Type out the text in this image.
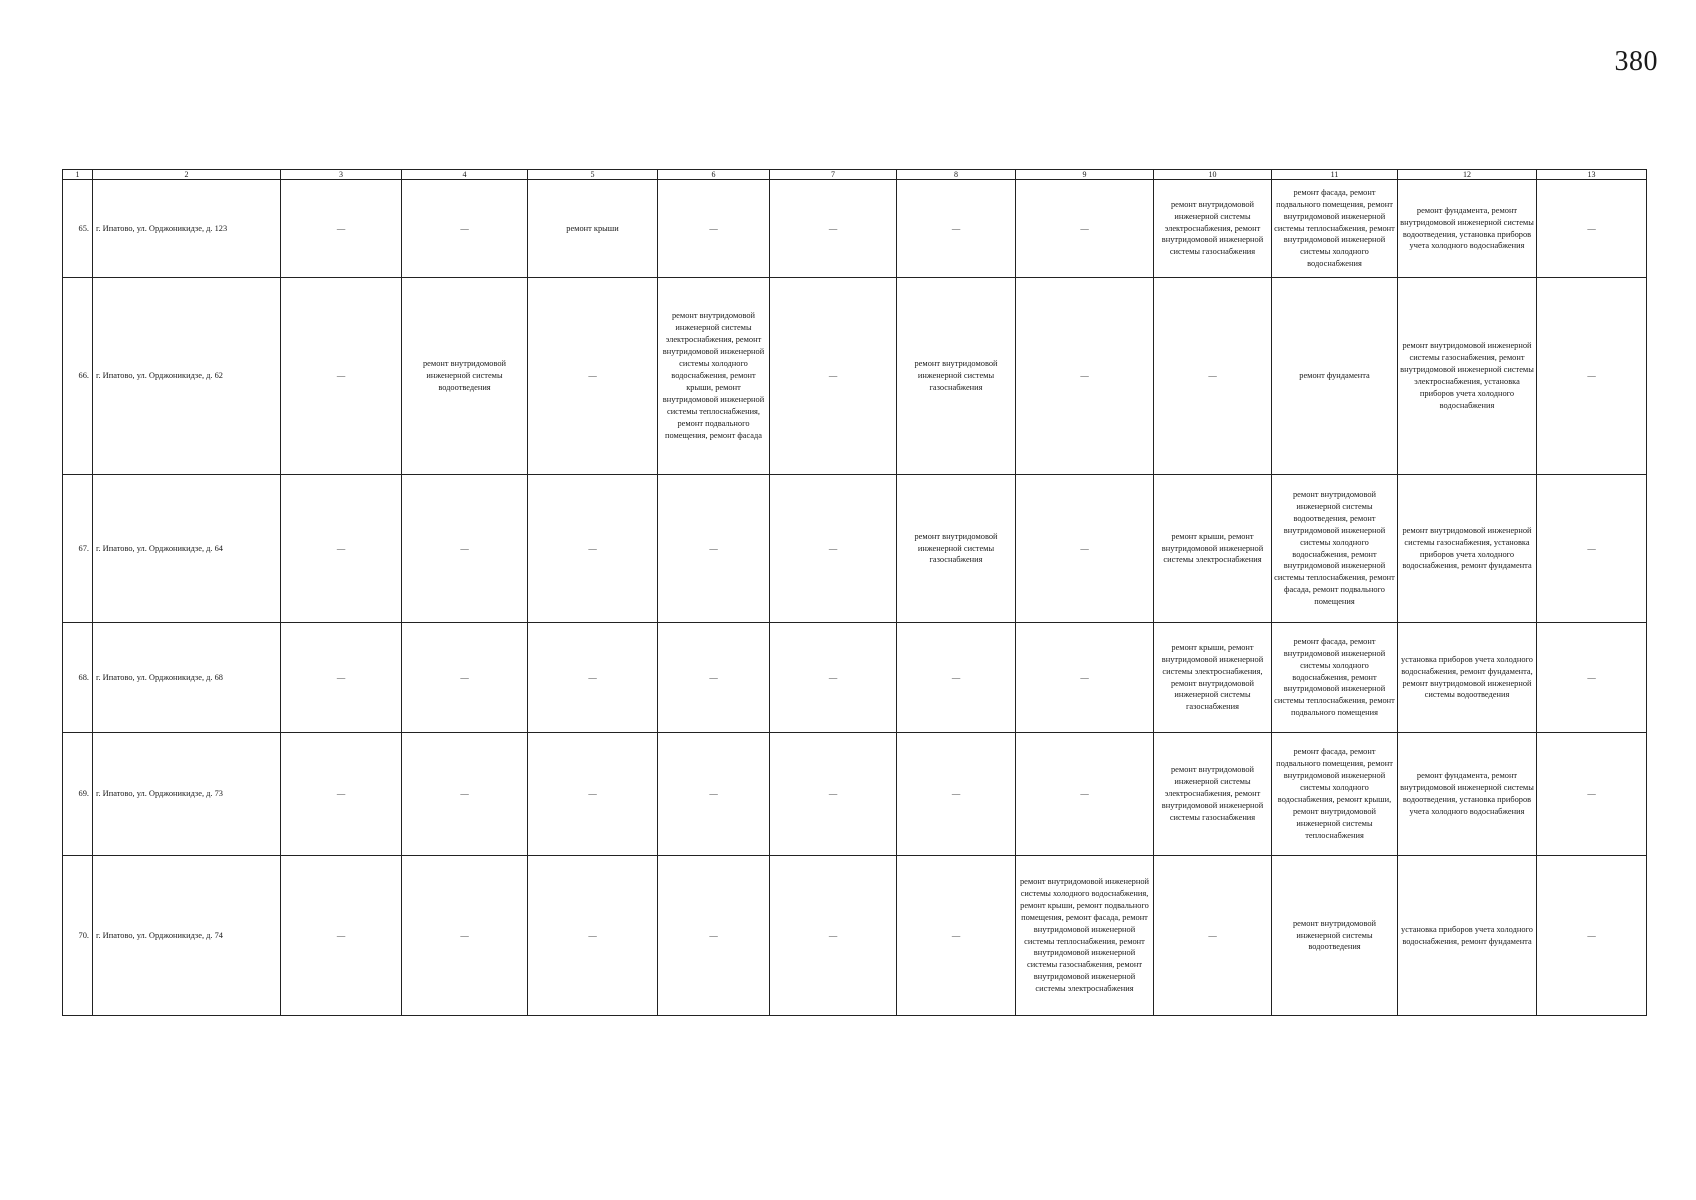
380
1	2	3	4	5	6	7	8	9	10	11	12	13
65.	г. Ипатово, ул. Орджоникидзе, д. 123	—	—	ремонт крыши	—	—	—	—	ремонт внутридомовой инженерной системы электроснабжения, ремонт внутридомовой инженерной системы газоснабжения	ремонт фасада, ремонт подвального помещения, ремонт внутридомовой инженерной системы теплоснабжения, ремонт внутридомовой инженерной системы холодного водоснабжения	ремонт фундамента, ремонт внутридомовой инженерной системы водоотведения, установка приборов учета холодного водоснабжения	—
66.	г. Ипатово, ул. Орджоникидзе, д. 62	—	ремонт внутридомовой инженерной системы водоотведения	—	ремонт внутридомовой инженерной системы электроснабжения, ремонт внутридомовой инженерной системы холодного водоснабжения, ремонт крыши, ремонт внутридомовой инженерной системы теплоснабжения, ремонт подвального помещения, ремонт фасада	—	ремонт внутридомовой инженерной системы газоснабжения	—	—	ремонт фундамента	ремонт внутридомовой инженерной системы газоснабжения, ремонт внутридомовой инженерной системы электроснабжения, установка приборов учета холодного водоснабжения	—
67.	г. Ипатово, ул. Орджоникидзе, д. 64	—	—	—	—	—	ремонт внутридомовой инженерной системы газоснабжения	—	ремонт крыши, ремонт внутридомовой инженерной системы электроснабжения	ремонт внутридомовой инженерной системы водоотведения, ремонт внутридомовой инженерной системы холодного водоснабжения, ремонт внутридомовой инженерной системы теплоснабжения, ремонт фасада, ремонт подвального помещения	ремонт внутридомовой инженерной системы газоснабжения, установка приборов учета холодного водоснабжения, ремонт фундамента	—
68.	г. Ипатово, ул. Орджоникидзе, д. 68	—	—	—	—	—	—	—	ремонт крыши, ремонт внутридомовой инженерной системы электроснабжения, ремонт внутридомовой инженерной системы газоснабжения	ремонт фасада, ремонт внутридомовой инженерной системы холодного водоснабжения, ремонт внутридомовой инженерной системы теплоснабжения, ремонт подвального помещения	установка приборов учета холодного водоснабжения, ремонт фундамента, ремонт внутридомовой инженерной системы водоотведения	—
69.	г. Ипатово, ул. Орджоникидзе, д. 73	—	—	—	—	—	—	—	ремонт внутридомовой инженерной системы электроснабжения, ремонт внутридомовой инженерной системы газоснабжения	ремонт фасада, ремонт подвального помещения, ремонт внутридомовой инженерной системы холодного водоснабжения, ремонт крыши, ремонт внутридомовой инженерной системы теплоснабжения	ремонт фундамента, ремонт внутридомовой инженерной системы водоотведения, установка приборов учета холодного водоснабжения	—
70.	г. Ипатово, ул. Орджоникидзе, д. 74	—	—	—	—	—	—	ремонт внутридомовой инженерной системы холодного водоснабжения, ремонт крыши, ремонт подвального помещения, ремонт фасада, ремонт внутридомовой инженерной системы теплоснабжения, ремонт внутридомовой инженерной системы газоснабжения, ремонт внутридомовой инженерной системы электроснабжения	—	ремонт внутридомовой инженерной системы водоотведения	установка приборов учета холодного водоснабжения, ремонт фундамента	—
